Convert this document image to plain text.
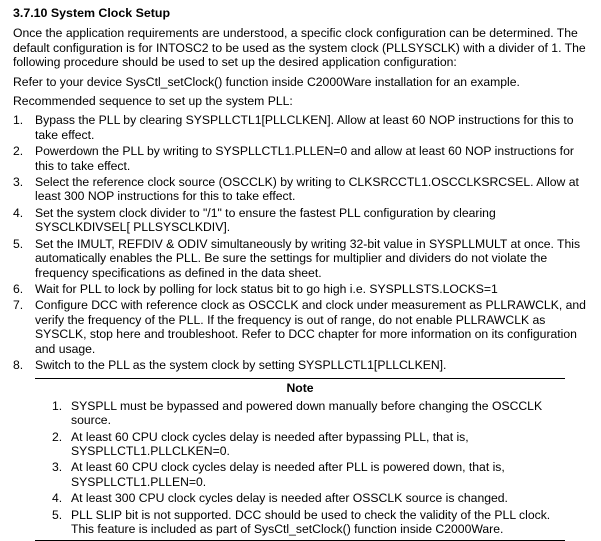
3.7.10 System Clock Setup

Once the application requirements are understood, a specific clock configuration can be determined. The default configuration is for INTOSC2 to be used as the system clock (PLLSYSCLK) with a divider of 1. The following procedure should be used to set up the desired application configuration:

Refer to your device SysCtl_setClock() function inside C2000Ware installation for an example.

Recommended sequence to set up the system PLL:

1. Bypass the PLL by clearing SYSPLLCTL1[PLLCLKEN]. Allow at least 60 NOP instructions for this to take effect.
2. Powerdown the PLL by writing to SYSPLLCTL1.PLLEN=0 and allow at least 60 NOP instructions for this to take effect.
3. Select the reference clock source (OSCCLK) by writing to CLKSRCCTL1.OSCCLKSRCSEL. Allow at least 300 NOP instructions for this to take effect.
4. Set the system clock divider to "/1" to ensure the fastest PLL configuration by clearing SYSCLKDIVSEL[ PLLSYSCLKDIV].
5. Set the IMULT, REFDIV & ODIV simultaneously by writing 32-bit value in SYSPLLMULT at once. This automatically enables the PLL. Be sure the settings for multiplier and dividers do not violate the frequency specifications as defined in the data sheet.
6. Wait for PLL to lock by polling for lock status bit to go high i.e. SYSPLLSTS.LOCKS=1
7. Configure DCC with reference clock as OSCCLK and clock under measurement as PLLRAWCLK, and verify the frequency of the PLL. If the frequency is out of range, do not enable PLLRAWCLK as SYSCLK, stop here and troubleshoot. Refer to DCC chapter for more information on its configuration and usage.
8. Switch to the PLL as the system clock by setting SYSPLLCTL1[PLLCLKEN].
Note
1. SYSPLL must be bypassed and powered down manually before changing the OSCCLK source.
2. At least 60 CPU clock cycles delay is needed after bypassing PLL, that is, SYSPLLCTL1.PLLCLKEN=0.
3. At least 60 CPU clock cycles delay is needed after PLL is powered down, that is, SYSPLLCTL1.PLLEN=0.
4. At least 300 CPU clock cycles delay is needed after OSSCLK source is changed.
5. PLL SLIP bit is not supported. DCC should be used to check the validity of the PLL clock. This feature is included as part of SysCtl_setClock() function inside C2000Ware.
